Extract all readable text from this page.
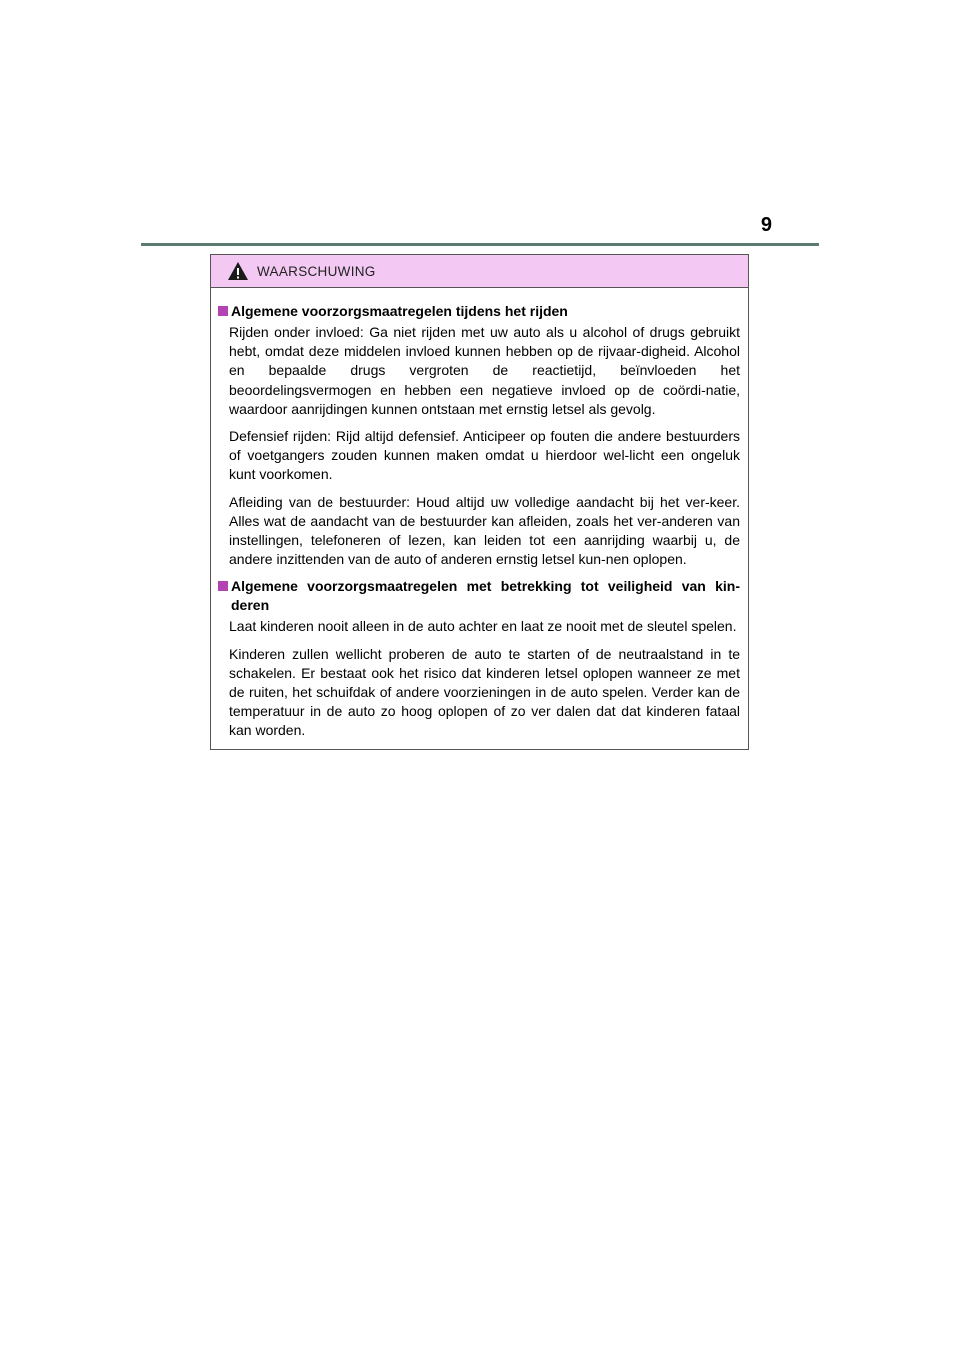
9
WAARSCHUWING
Algemene voorzorgsmaatregelen tijdens het rijden

Rijden onder invloed: Ga niet rijden met uw auto als u alcohol of drugs gebruikt hebt, omdat deze middelen invloed kunnen hebben op de rijvaar-digheid. Alcohol en bepaalde drugs vergroten de reactietijd, beïnvloeden het beoordelingsvermogen en hebben een negatieve invloed op de coördi-natie, waardoor aanrijdingen kunnen ontstaan met ernstig letsel als gevolg.

Defensief rijden: Rijd altijd defensief. Anticipeer op fouten die andere bestuurders of voetgangers zouden kunnen maken omdat u hierdoor wel-licht een ongeluk kunt voorkomen.

Afleiding van de bestuurder: Houd altijd uw volledige aandacht bij het ver-keer. Alles wat de aandacht van de bestuurder kan afleiden, zoals het ver-anderen van instellingen, telefoneren of lezen, kan leiden tot een aanrijding waarbij u, de andere inzittenden van de auto of anderen ernstig letsel kun-nen oplopen.

Algemene voorzorgsmaatregelen met betrekking tot veiligheid van kin-deren

Laat kinderen nooit alleen in de auto achter en laat ze nooit met de sleutel spelen.

Kinderen zullen wellicht proberen de auto te starten of de neutraalstand in te schakelen. Er bestaat ook het risico dat kinderen letsel oplopen wanneer ze met de ruiten, het schuifdak of andere voorzieningen in de auto spelen. Verder kan de temperatuur in de auto zo hoog oplopen of zo ver dalen dat dat kinderen fataal kan worden.
